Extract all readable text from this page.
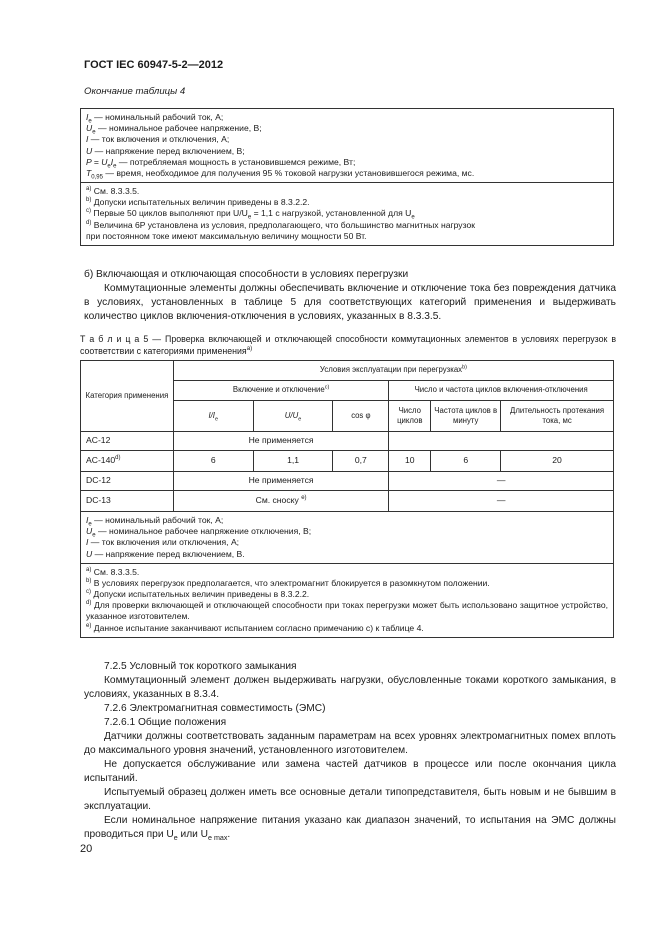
ГОСТ IEC 60947-5-2—2012
Окончание таблицы 4

$I_e$ — номинальный рабочий ток, А;

$U_e$ — номинальное рабочее напряжение, В;

I — ток включения и отключения, А;

U — напряжение перед включением, В;

$P = U_eI_e$ — потребляемая мощность в установившемся режиме, Вт;

$T_{0,95}$ — время, необходимое для получения 95 % токовой нагрузки установившегося режима, мс.

$^{a)}$ См. 8.3.3.5.

$^{b)}$ Допуски испытательных величин приведены в 8.3.2.2.

$^{c)}$ Первые 50 циклов выполняют при $U/U_e = 1,1$ с нагрузкой, установленной для $U_e$

$^{d)}$ Величина 6P установлена из условия, предполагающего, что большинство магнитных нагрузок

при постоянном токе имеют максимальную величину мощности 50 Вт.

б) Включающая и отключающая способности в условиях перегрузки

Коммутационные элементы должны обеспечивать включение и отключение тока без повреждения датчика в условиях, установленных в таблице 5 для соответствующих категорий применения и выдерживать количество циклов включения-отключения в условиях, указанных в 8.3.3.5.

Т а б л и ц а 5 — Проверка включающей и отключающей способности коммутационных элементов в условиях перегрузок в соответствии с категориями применения$^{a)}$
Категория применения	Условия эксплуатации при перегрузках$^{b)}$
	Включение и отключение$^{c)}$			Число и частота циклов включения-отключения		
	$I/I_e$	$U/U_e$	cos φ	Число циклов	Частота циклов в минуту	Длительность протекания тока, мс
AC-12	Не применяется					
AC-140$^{d)}$	6	1,1	0,7	10	6	20
DC-12	Не применяется			—		
DC-13	См. сноску $^{e)}$			—		

$I_e$ — номинальный рабочий ток, А;
$U_e$ — номинальное рабочее напряжение отключения, В;
I — ток включения или отключения, А;
U — напряжение перед включением, В.						

$^{a)}$ См. 8.3.3.5.
$^{b)}$ В условиях перегрузок предполагается, что электромагнит блокируется в разомкнутом положении.
$^{c)}$ Допуски испытательных величин приведены в 8.3.2.2.
$^{d)}$ Для проверки включающей и отключающей способности при токах перегрузки может быть использовано защитное устройство, указанное изготовителем.
$^{e)}$ Данное испытание заканчивают испытанием согласно примечанию с) к таблице 4.						

7.2.5 Условный ток короткого замыкания

Коммутационный элемент должен выдерживать нагрузки, обусловленные токами короткого замыкания, в условиях, указанных в 8.3.4.

7.2.6 Электромагнитная совместимость (ЭМС)

7.2.6.1 Общие положения

Датчики должны соответствовать заданным параметрам на всех уровнях электромагнитных помех вплоть до максимального уровня значений, установленного изготовителем.

Не допускается обслуживание или замена частей датчиков в процессе или после окончания цикла испытаний.

Испытуемый образец должен иметь все основные детали типопредставителя, быть новым и не бывшим в эксплуатации.

Если номинальное напряжение питания указано как диапазон значений, то испытания на ЭМС должны проводиться при $U_e$ или $U_{e max}$.

20
